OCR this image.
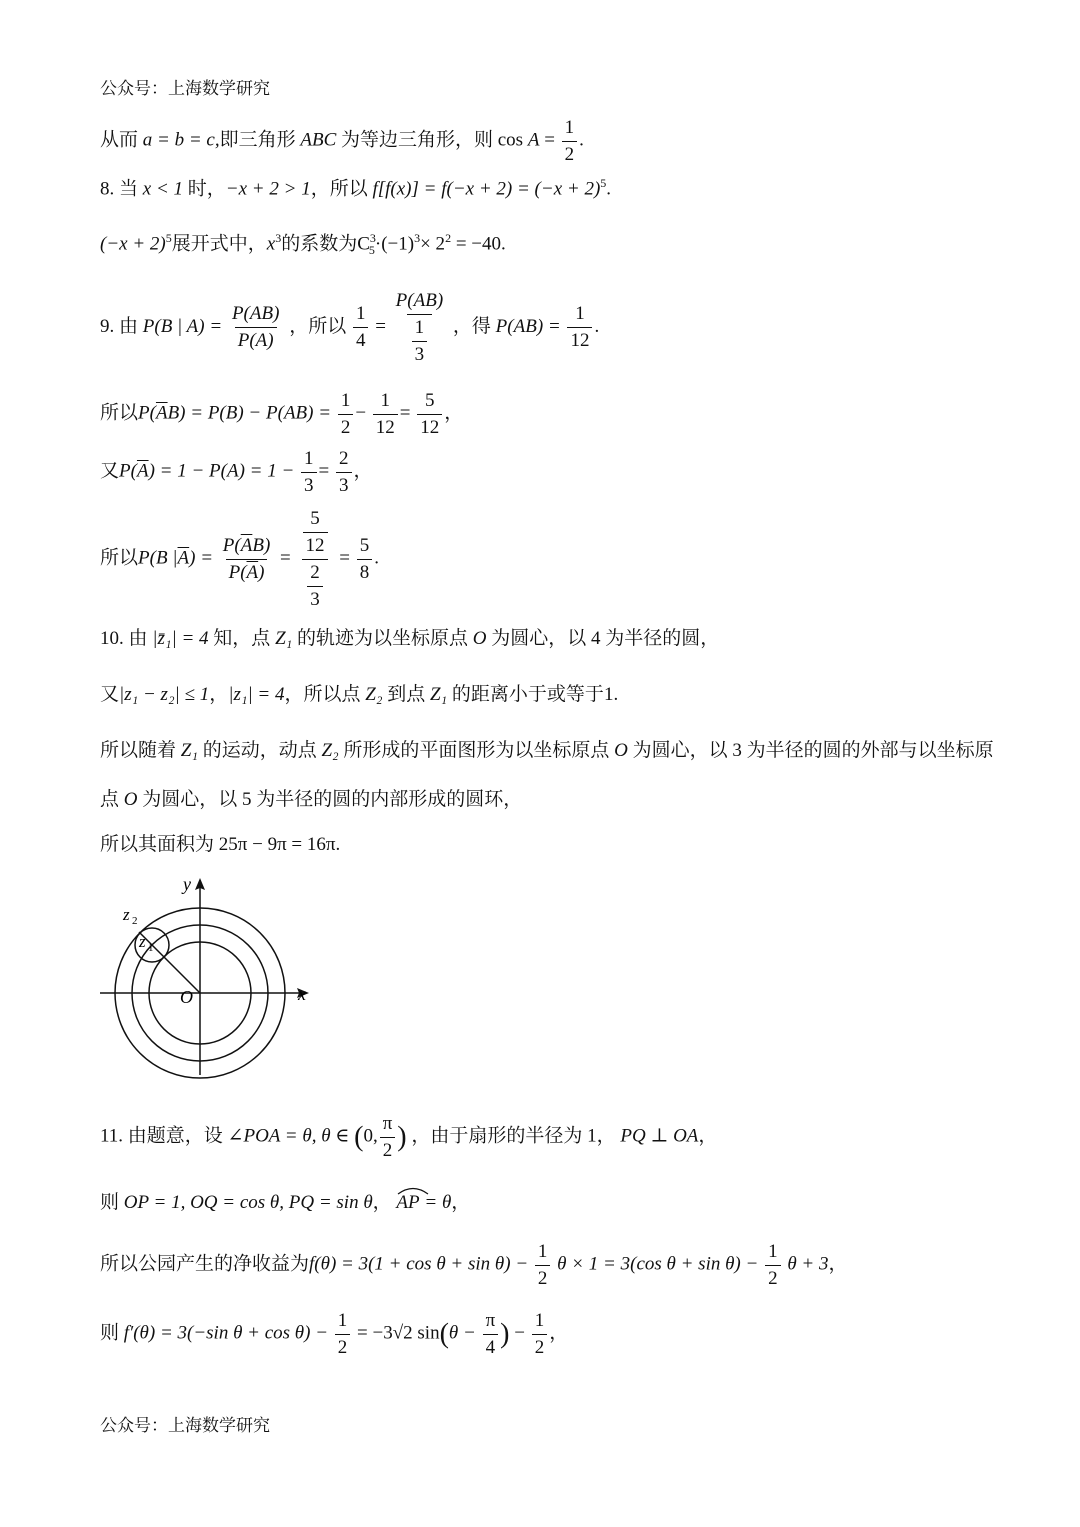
公众号：上海数学研究
从而 a = b = c,即三角形 ABC 为等边三角形，则 $\cos A = \frac{1}{2}$ .
8. 当 x < 1 时，−x + 2 > 1，所以 $f[f(x)] = f(-x + 2) = (-x + 2)^5$.
$(-x + 2)^5$展开式中，$x^3$的系数为$C^3_5\cdot(-1)^3\times 2^2 = -40$.
9. 由 P(B | $A) = \frac{P(AB)}{P(A)}$ ，所以 $\frac{1}{4} = \frac{P(AB)}{\frac{1}{3}}$ ，得 $P(AB) = \frac{1}{12}$ .
所以$P(\overline{A}B) = P(B) - P(AB) = \frac{1}{2} - \frac{1}{12} = \frac{5}{12}$ ，
又$P(\overline{A}) = 1 - P(A) = 1 - \frac{1}{3} = \frac{2}{3}$ ，
所以P(B $|\overline{A}) = \frac{P(\overline{A}B)}{P(\overline{A})} = \frac{\frac{5}{12}}{\frac{2}{3}} = \frac{5}{8}$ .
10. 由 |z̄₁| = 4 知，点 Z₁ 的轨迹为以坐标原点 O 为圆心，以 4 为半径的圆，
又|z₁ − z₂| ≤ 1，|z₁| = 4，所以点 Z₂ 到点 Z₁ 的距离小于或等于1.
所以随着 Z₁ 的运动，动点 Z₂ 所形成的平面图形为以坐标原点 O 为圆心，以 3 为半径的圆的外部与以坐标原
点 O 为圆心，以 5 为半径的圆的内部形成的圆环，
所以其面积为 25π − 9π = 16π.
y
x
O
z 2
z 1
11. 由题意，设 ∠POA = θ, θ ∈ (0, $\frac{\pi}{2}$ ) ，由于扇形的半径为 1， PQ ⊥ OA，
则 OP = 1, OQ = cos θ, PQ = sin θ， AP = θ，
所以公园产生的净收益为$f(\theta) = 3(1 + \cos \theta + \sin \theta) - \frac{1}{2}$ θ × 1 = 3(cos $\theta + \sin \theta) - \frac{1}{2}$ θ + 3，
则 f′(θ) = 3(−sin $\theta + \cos \theta) - \frac{1}{2} = -3√2$ $\sin(\theta - \frac{\pi}{4}$ ) − $\frac{1}{2}$ ，
公众号：上海数学研究
